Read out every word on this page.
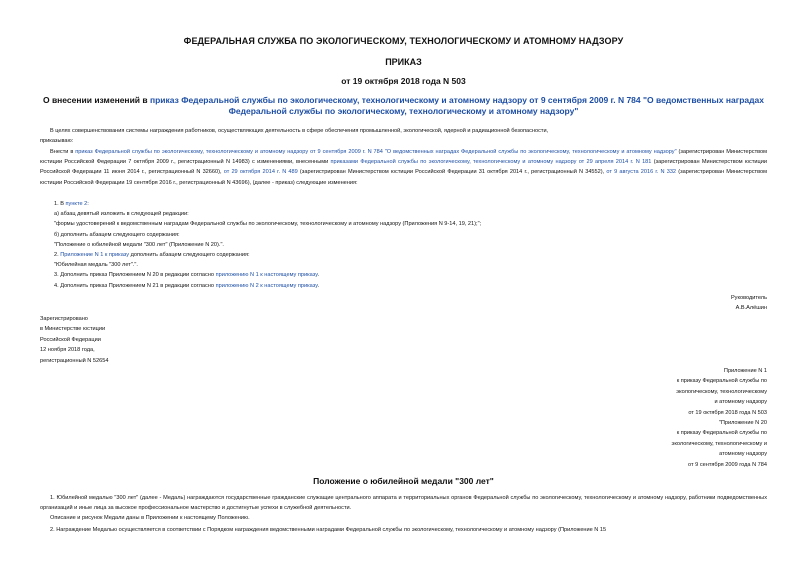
ФЕДЕРАЛЬНАЯ СЛУЖБА ПО ЭКОЛОГИЧЕСКОМУ, ТЕХНОЛОГИЧЕСКОМУ И АТОМНОМУ НАДЗОРУ
ПРИКАЗ
от 19 октября 2018 года N 503
О внесении изменений в приказ Федеральной службы по экологическому, технологическому и атомному надзору от 9 сентября 2009 г. N 784 "О ведомственных наградах Федеральной службы по экологическому, технологическому и атомному надзору"

В целях совершенствования системы награждения работников, осуществляющих деятельность в сфере обеспечения промышленной, экологической, ядерной и радиационной безопасности,

приказываю:

Внести в приказ Федеральной службы по экологическому, технологическому и атомному надзору от 9 сентября 2009 г. N 784 "О ведомственных наградах Федеральной службы по экологическому, технологическому и атомному надзору" (зарегистрирован Министерством юстиции Российской Федерации 7 октября 2009 г., регистрационный N 14983) с изменениями, внесенными приказами Федеральной службы по экологическому, технологическому и атомному надзору от 29 апреля 2014 г. N 181 (зарегистрирован Министерством юстиции Российской Федерации 11 июня 2014 г., регистрационный N 32660), от 29 октября 2014 г. N 489 (зарегистрирован Министерством юстиции Российской Федерации 31 октября 2014 г., регистрационный N 34552), от 9 августа 2016 г. N 332 (зарегистрирован Министерством юстиции Российской Федерации 19 сентября 2016 г., регистрационный N 43696), (далее - приказ) следующие изменения:

1. В пункте 2:

а) абзац девятый изложить в следующей редакции:

"формы удостоверений к ведомственным наградам Федеральной службы по экологическому, технологическому и атомному надзору (Приложения N 9-14, 19, 21);";

б) дополнить абзацем следующего содержания:

"Положение о юбилейной медали "300 лет" (Приложение N 20).".

2. Приложение N 1 к приказу дополнить абзацем следующего содержания:

"Юбилейная медаль "300 лет".".

3. Дополнить приказ Приложением N 20 в редакции согласно приложению N 1 к настоящему приказу.

4. Дополнить приказ Приложением N 21 в редакции согласно приложению N 2 к настоящему приказу.

Руководитель

А.В.Алёшин

Зарегистрировано

в Министерстве юстиции

Российской Федерации

12 ноября 2018 года,

регистрационный N 52654

Приложение N 1

к приказу Федеральной службы по

экологическому, технологическому

и атомному надзору

от 19 октября 2018 года N 503

"Приложение N 20

к приказу Федеральной службы по

экологическому, технологическому и

атомному надзору

от 9 сентября 2009 года N 784

Положение о юбилейной медали "300 лет"

1. Юбилейной медалью "300 лет" (далее - Медаль) награждаются государственные гражданские служащие центрального аппарата и территориальных органов Федеральной службы по экологическому, технологическому и атомному надзору, работники подведомственных организаций и иные лица за высокое профессиональное мастерство и достигнутые успехи в служебной деятельности.

Описание и рисунок Медали даны в Приложении к настоящему Положению.

2. Награждение Медалью осуществляется в соответствии с Порядком награждения ведомственными наградами Федеральной службы по экологическому, технологическому и атомному надзору (Приложение N 15
